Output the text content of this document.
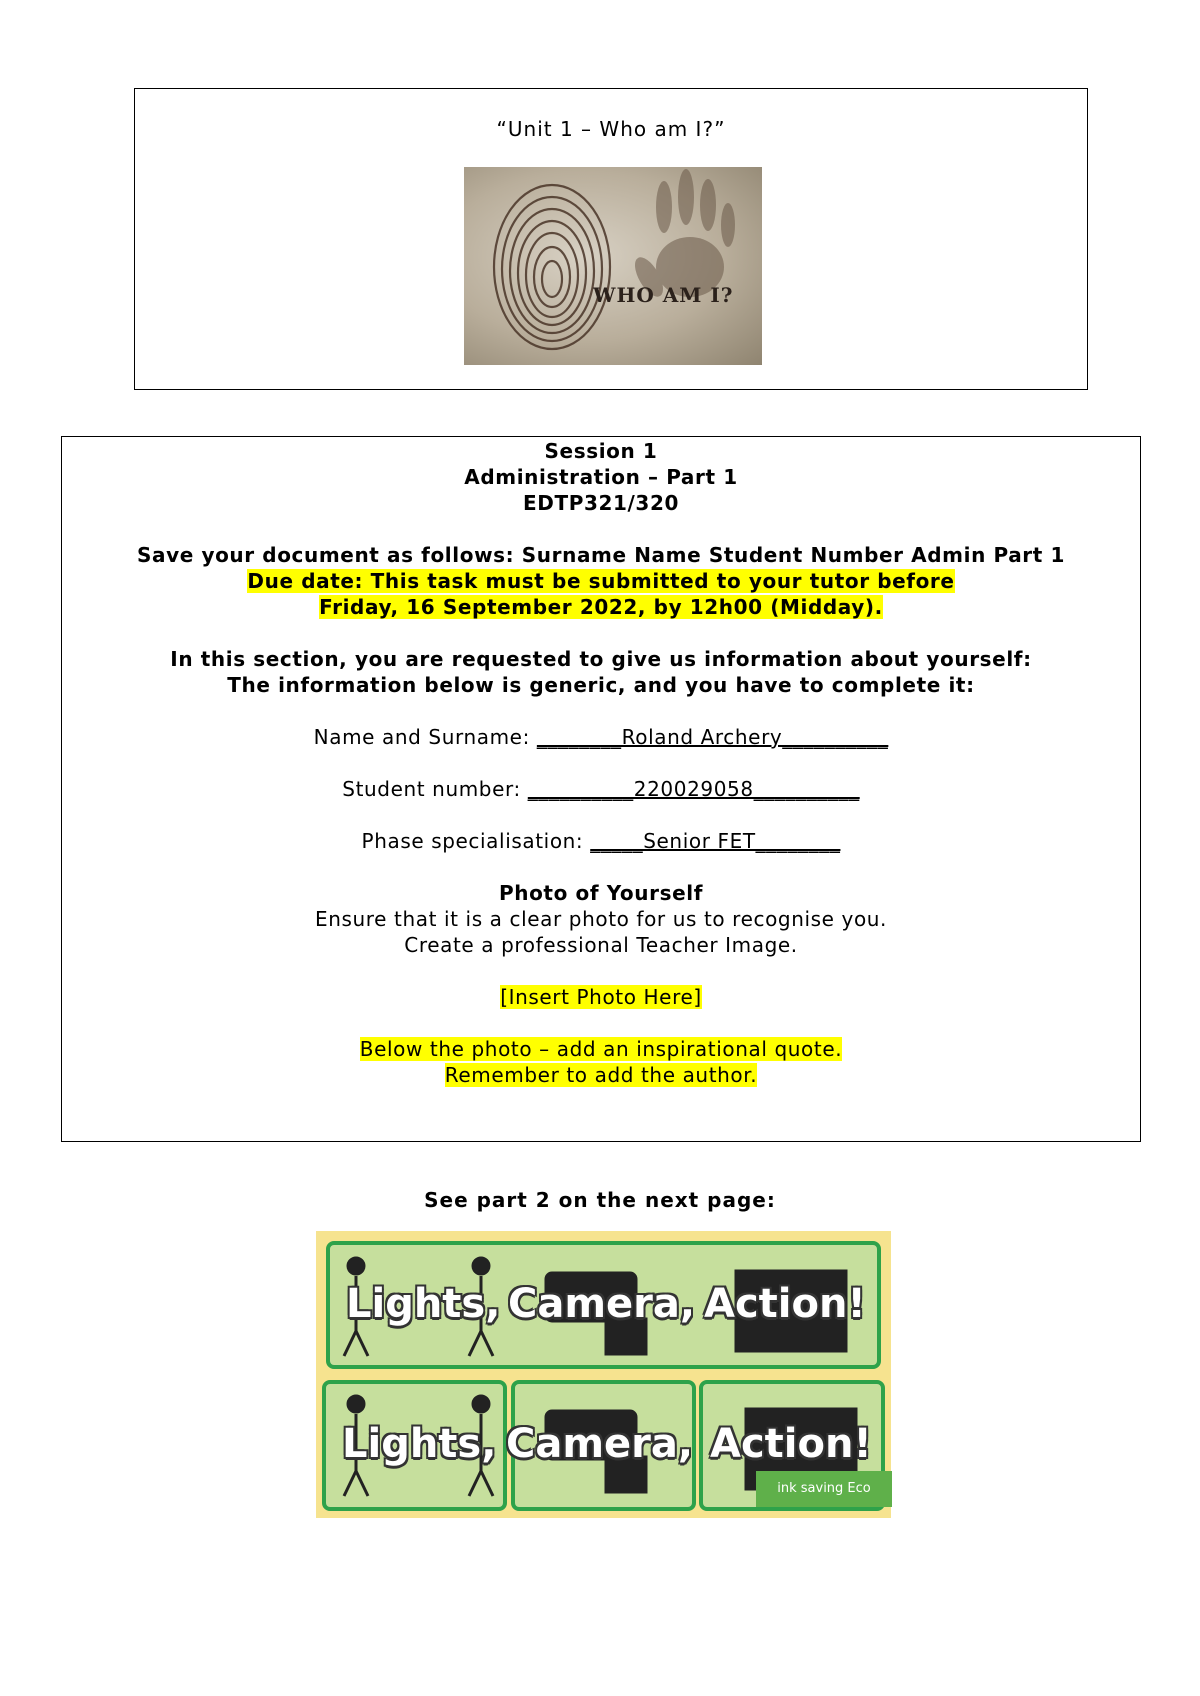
“Unit 1 – Who am I?”
WHO AM I?
Session 1
Administration – Part 1
EDTP321/320
Save your document as follows: Surname Name Student Number Admin Part 1
Due date: This task must be submitted to your tutor before
Friday, 16 September 2022, by 12h00 (Midday).
In this section, you are requested to give us information about yourself:
The information below is generic, and you have to complete it:
Name and Surname: ________Roland Archery__________
Student number: __________220029058__________
Phase specialisation: _____Senior FET________
Photo of Yourself
Ensure that it is a clear photo for us to recognise you.
Create a professional Teacher Image.
[Insert Photo Here]
Below the photo – add an inspirational quote.
Remember to add the author.
See part 2 on the next page:
Lights, Camera, Action!
Lights, Camera, Action!
ink saving Eco
